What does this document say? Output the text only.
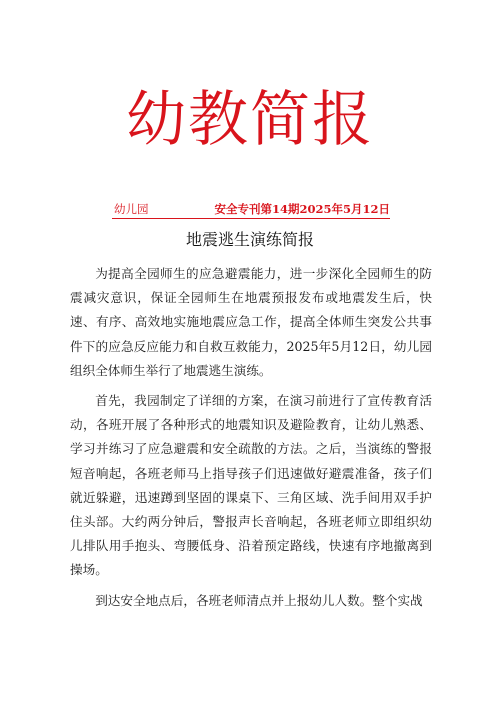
幼教简报
幼儿园	安全专刊第14期2025年5月12日
地震逃生演练简报

为提高全园师生的应急避震能力，进一步深化全园师生的防震减灾意识，保证全园师生在地震预报发布或地震发生后，快速、有序、高效地实施地震应急工作，提高全体师生突发公共事件下的应急反应能力和自救互救能力，2025年5月12日，幼儿园组织全体师生举行了地震逃生演练。

首先，我园制定了详细的方案，在演习前进行了宣传教育活动，各班开展了各种形式的地震知识及避险教育，让幼儿熟悉、学习并练习了应急避震和安全疏散的方法。之后，当演练的警报短音响起，各班老师马上指导孩子们迅速做好避震准备，孩子们就近躲避，迅速蹲到坚固的课桌下、三角区域、洗手间用双手护住头部。大约两分钟后，警报声长音响起，各班老师立即组织幼儿排队用手抱头、弯腰低身、沿着预定路线，快速有序地撤离到操场。

到达安全地点后，各班老师清点并上报幼儿人数。整个实战
